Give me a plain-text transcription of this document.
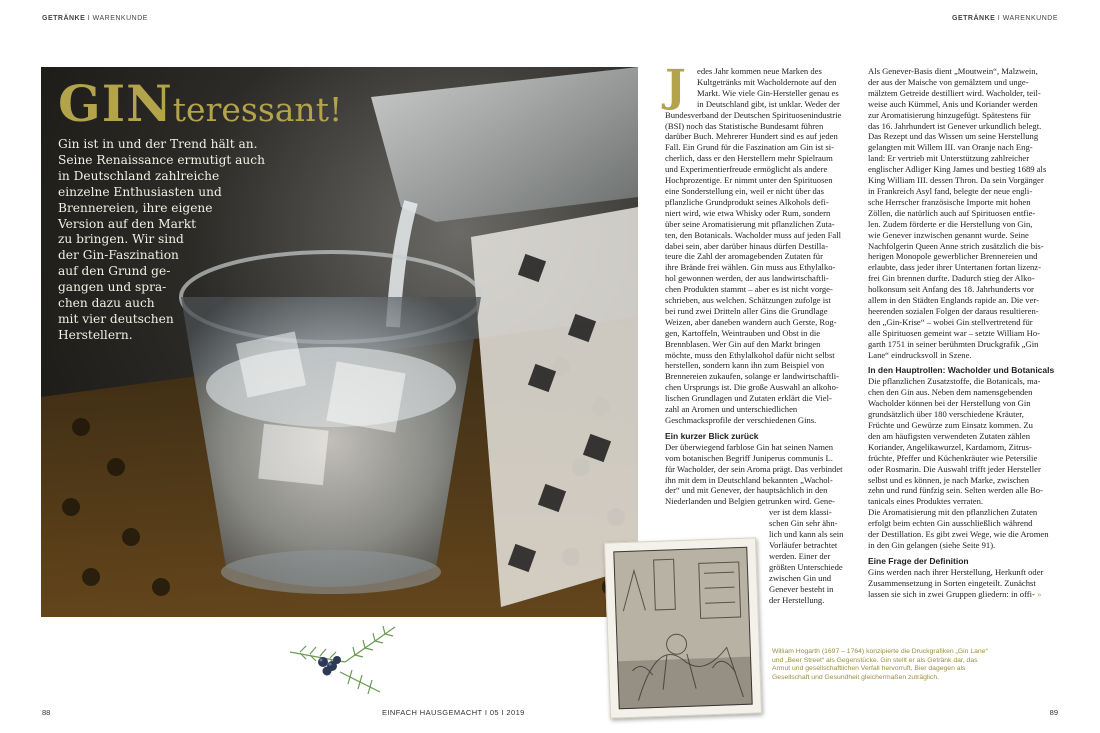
GETRÄNKE I WARENKUNDE	GETRÄNKE I WARENKUNDE
GINteressant!
Gin ist in und der Trend hält an.
Seine Renaissance ermutigt auch
in Deutschland zahlreiche
einzelne Enthusiasten und
Brennereien, ihre eigene
Version auf den Markt
zu bringen. Wir sind
der Gin-Faszination
auf den Grund ge-
gangen und spra-
chen dazu auch
mit vier deutschen
Herstellern.
J	edes Jahr kommen neue Marken des
Kultgetränks mit Wacholdernote auf den
Markt. Wie viele Gin-Hersteller genau es
in Deutschland gibt, ist unklar. Weder der
Bundesverband der Deutschen Spirituosenindustrie
(BSI) noch das Statistische Bundesamt führen
darüber Buch. Mehrerer Hundert sind es auf jeden
Fall. Ein Grund für die Faszination am Gin ist si-
cherlich, dass er den Herstellern mehr Spielraum
und Experimentierfreude ermöglicht als andere
Hochprozentige. Er nimmt unter den Spirituosen
eine Sonderstellung ein, weil er nicht über das
pflanzliche Grundprodukt seines Alkohols defi-
niert wird, wie etwa Whisky oder Rum, sondern
über seine Aromatisierung mit pflanzlichen Zuta-
ten, den Botanicals. Wacholder muss auf jeden Fall
dabei sein, aber darüber hinaus dürfen Destilla-
teure die Zahl der aromagebenden Zutaten für
ihre Brände frei wählen. Gin muss aus Ethylalko-
hol gewonnen werden, der aus landwirtschaftli-
chen Produkten stammt – aber es ist nicht vorge-
schrieben, aus welchen. Schätzungen zufolge ist
bei rund zwei Dritteln aller Gins die Grundlage
Weizen, aber daneben wandern auch Gerste, Rog-
gen, Kartoffeln, Weintrauben und Obst in die
Brennblasen. Wer Gin auf den Markt bringen
möchte, muss den Ethylalkohol dafür nicht selbst
herstellen, sondern kann ihn zum Beispiel von
Brennereien zukaufen, solange er landwirtschaftli-
chen Ursprungs ist. Die große Auswahl an alkoho-
lischen Grundlagen und Zutaten erklärt die Viel-
zahl an Aromen und unterschiedlichen
Geschmacksprofile der verschiedenen Gins.
Ein kurzer Blick zurück
Der überwiegend farblose Gin hat seinen Namen
vom botanischen Begriff Juniperus communis L.
für Wacholder, der sein Aroma prägt. Das verbindet
ihn mit dem in Deutschland bekannten „Wachol-
der“ und mit Genever, der hauptsächlich in den
Niederlanden und Belgien getrunken wird. Gene-
ver ist dem klassi-
schen Gin sehr ähn-
lich und kann als sein
Vorläufer betrachtet
werden. Einer der
größten Unterschiede
zwischen Gin und
Genever besteht in
der Herstellung.
Als Genever-Basis dient „Moutwein“, Malzwein,
der aus der Maische von gemälztem und unge-
mälztem Getreide destilliert wird. Wacholder, teil-
weise auch Kümmel, Anis und Koriander werden
zur Aromatisierung hinzugefügt. Spätestens für
das 16. Jahrhundert ist Genever urkundlich belegt.
Das Rezept und das Wissen um seine Herstellung
gelangten mit Willem III. van Oranje nach Eng-
land: Er vertrieb mit Unterstützung zahlreicher
englischer Adliger King James und bestieg 1689 als
King William III. dessen Thron. Da sein Vorgänger
in Frankreich Asyl fand, belegte der neue engli-
sche Herrscher französische Importe mit hohen
Zöllen, die natürlich auch auf Spirituosen entfie-
len. Zudem förderte er die Herstellung von Gin,
wie Genever inzwischen genannt wurde. Seine
Nachfolgerin Queen Anne strich zusätzlich die bis-
herigen Monopole gewerblicher Brennereien und
erlaubte, dass jeder ihrer Untertanen fortan lizenz-
frei Gin brennen durfte. Dadurch stieg der Alko-
holkonsum seit Anfang des 18. Jahrhunderts vor
allem in den Städten Englands rapide an. Die ver-
heerenden sozialen Folgen der daraus resultieren-
den „Gin-Krise“ – wobei Gin stellvertretend für
alle Spirituosen gemeint war – setzte William Ho-
garth 1751 in seiner berühmten Druckgrafik „Gin
Lane“ eindrucksvoll in Szene.
In den Hauptrollen: Wacholder und Botanicals
Die pflanzlichen Zusatzstoffe, die Botanicals, ma-
chen den Gin aus. Neben dem namensgebenden
Wacholder können bei der Herstellung von Gin
grundsätzlich über 180 verschiedene Kräuter,
Früchte und Gewürze zum Einsatz kommen. Zu
den am häufigsten verwendeten Zutaten zählen
Koriander, Angelikawurzel, Kardamom, Zitrus-
früchte, Pfeffer und Küchenkräuter wie Petersilie
oder Rosmarin. Die Auswahl trifft jeder Hersteller
selbst und es können, je nach Marke, zwischen
zehn und rund fünfzig sein. Selten werden alle Bo-
tanicals eines Produktes verraten.
Die Aromatisierung mit den pflanzlichen Zutaten
erfolgt beim echten Gin ausschließlich während
der Destillation. Es gibt zwei Wege, wie die Aromen
in den Gin gelangen (siehe Seite 91).
Eine Frage der Definition
Gins werden nach ihrer Herstellung, Herkunft oder
Zusammensetzung in Sorten eingeteilt. Zunächst
lassen sie sich in zwei Gruppen gliedern: in offi- »
William Hogarth (1697 – 1764) konzipierte die Druckgrafiken „Gin Lane“
und „Beer Street“ als Gegenstücke. Gin stellt er als Getränk dar, das
Armut und gesellschaftlichen Verfall hervorruft, Bier dagegen als
Gesellschaft und Gesundheit gleichermaßen zuträglich.
88	EINFACH HAUSGEMACHT I 05 I 2019	89
